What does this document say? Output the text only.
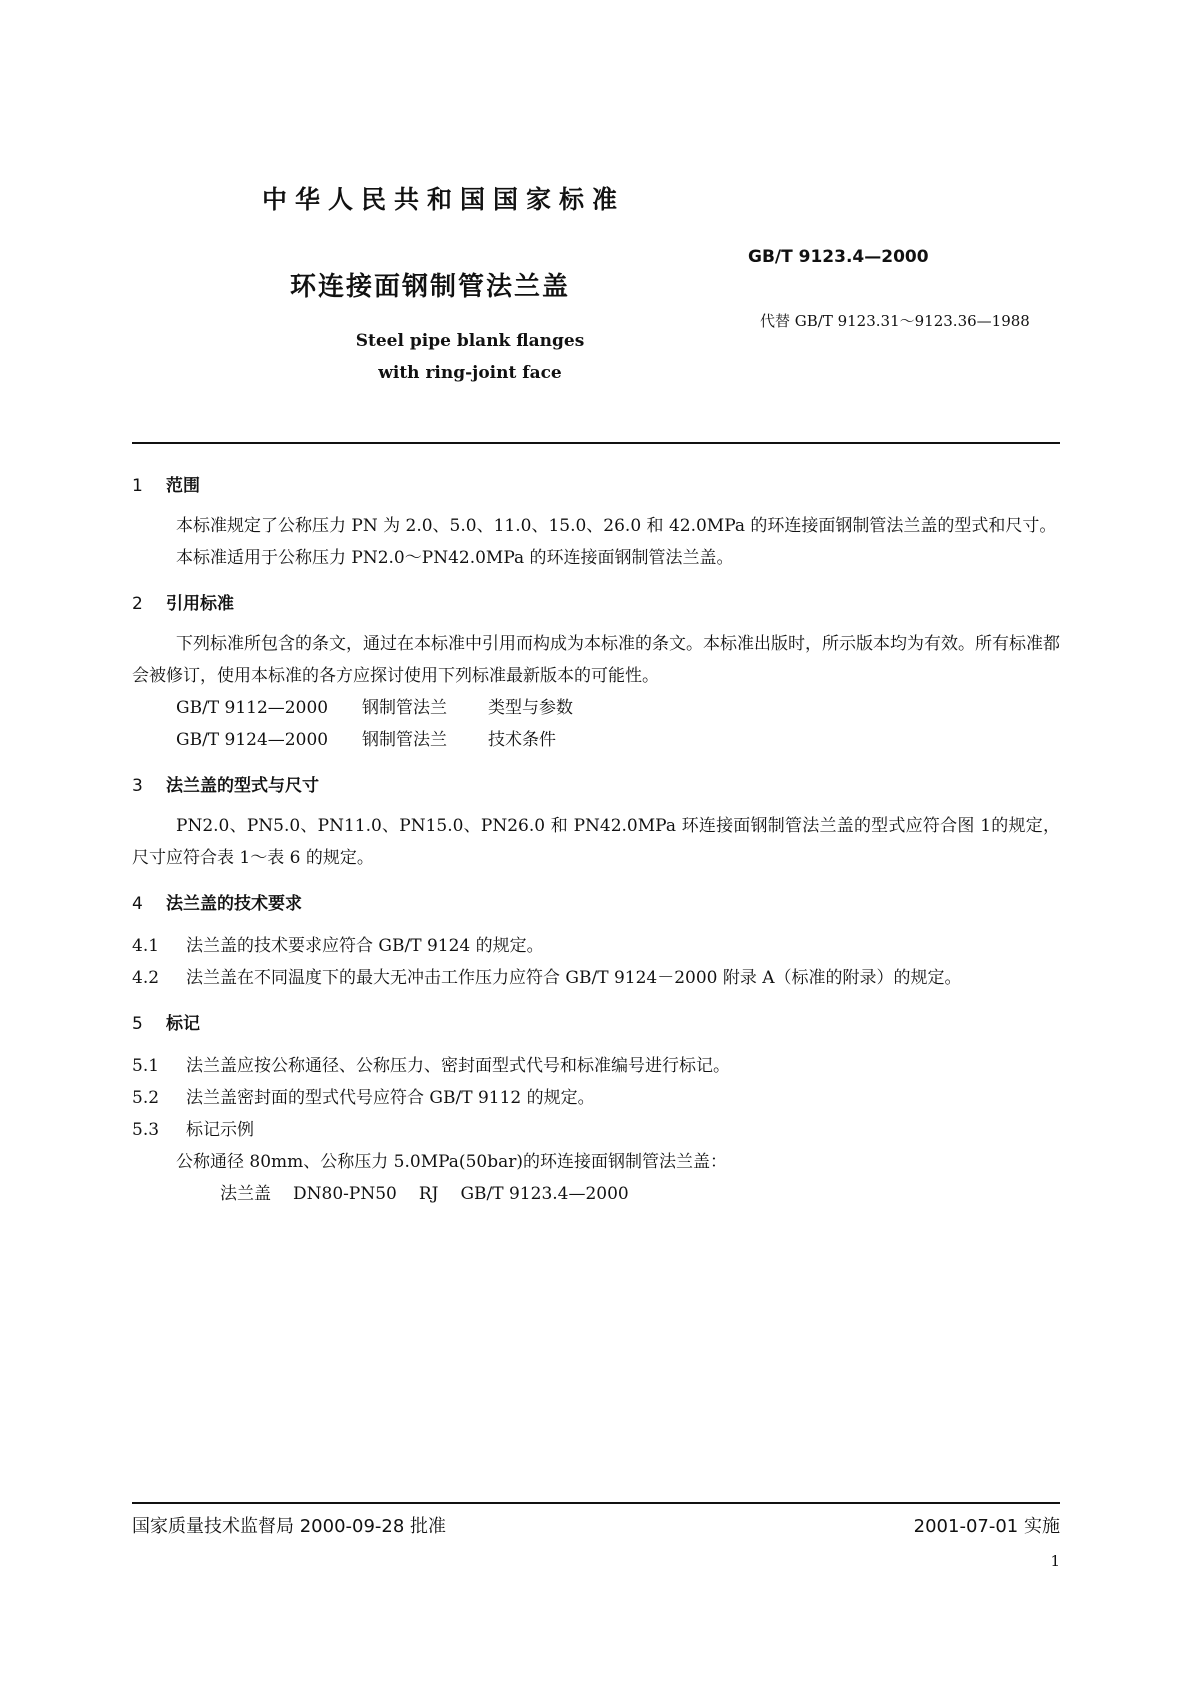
中华人民共和国国家标准
GB/T 9123.4—2000
环连接面钢制管法兰盖
代替 GB/T 9123.31～9123.36—1988
Steel pipe blank flanges
with ring-joint face

1 范围

本标准规定了公称压力 PN 为 2.0、5.0、11.0、15.0、26.0 和 42.0MPa 的环连接面钢制管法兰盖的型式和尺寸。

本标准适用于公称压力 PN2.0～PN42.0MPa 的环连接面钢制管法兰盖。

2 引用标准

下列标准所包含的条文，通过在本标准中引用而构成为本标准的条文。本标准出版时，所示版本均为有效。所有标准都会被修订，使用本标准的各方应探讨使用下列标准最新版本的可能性。

GB/T 9112—2000 钢制管法兰 类型与参数

GB/T 9124—2000 钢制管法兰 技术条件

3 法兰盖的型式与尺寸

PN2.0、PN5.0、PN11.0、PN15.0、PN26.0 和 PN42.0MPa 环连接面钢制管法兰盖的型式应符合图 1的规定，尺寸应符合表 1～表 6 的规定。

4 法兰盖的技术要求

4.1 法兰盖的技术要求应符合 GB/T 9124 的规定。

4.2 法兰盖在不同温度下的最大无冲击工作压力应符合 GB/T 9124－2000 附录 A（标准的附录）的规定。

5 标记

5.1 法兰盖应按公称通径、公称压力、密封面型式代号和标准编号进行标记。

5.2 法兰盖密封面的型式代号应符合 GB/T 9112 的规定。

5.3 标记示例

公称通径 80mm、公称压力 5.0MPa(50bar)的环连接面钢制管法兰盖：

法兰盖 DN80-PN50 RJ GB/T 9123.4—2000

国家质量技术监督局 2000-09-28 批准	2001-07-01 实施
1
